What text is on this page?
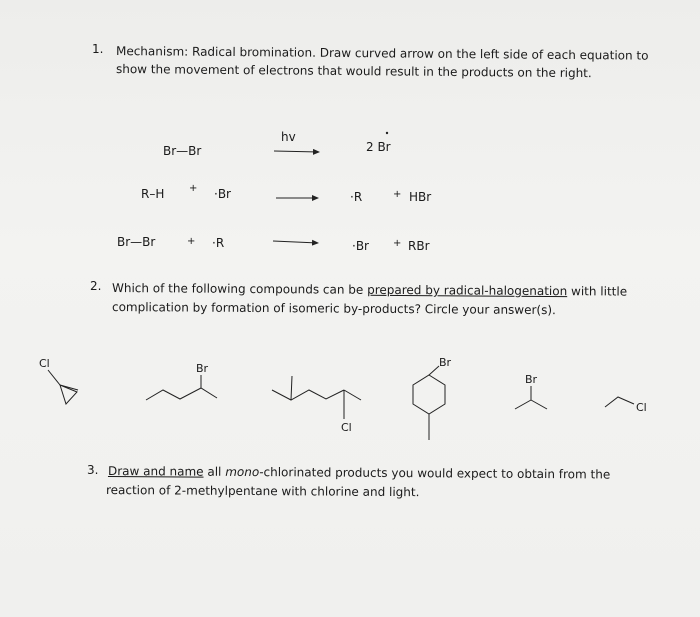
1. Mechanism: Radical bromination. Draw curved arrow on the left side of each equation to
show the movement of electrons that would result in the products on the right.
Br—Br
hv
2 Br
R–H + ·Br	·R	+ HBr
Br—Br	+ ·R	·Br + RBr
2. Which of the following compounds can be prepared by radical-halogenation with little
complication by formation of isomeric by-products? Circle your answer(s).
Cl	Br
Cl
Br
Br
Cl
3. Draw and name all mono-chlorinated products you would expect to obtain from the
reaction of 2-methylpentane with chlorine and light.
